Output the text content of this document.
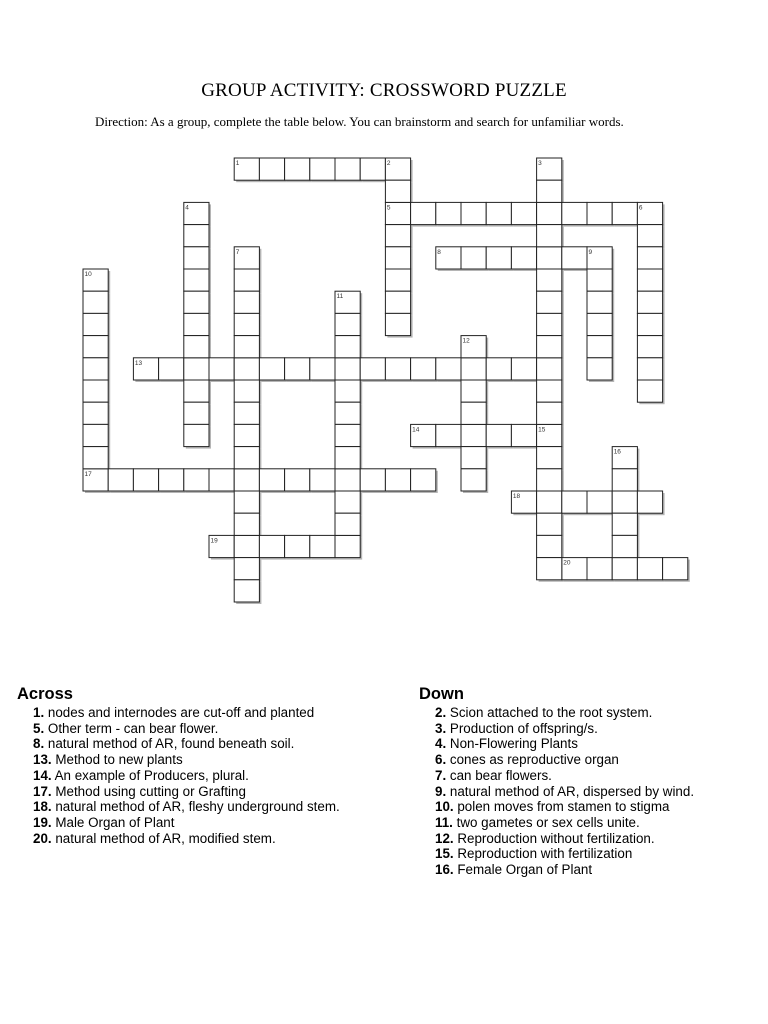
GROUP ACTIVITY: CROSSWORD PUZZLE
Direction: As a group, complete the table below. You can brainstorm and search for unfamiliar words.
1
5
8
13
14
17
18
19
20
2	3
4	6
7	9
10
11
12
15
16
Across
1. nodes and internodes are cut-off and planted
5. Other term - can bear flower.
8. natural method of AR, found beneath soil.
13. Method to new plants
14. An example of Producers, plural.
17. Method using cutting or Grafting
18. natural method of AR, fleshy underground stem.
19. Male Organ of Plant
20. natural method of AR, modified stem.
Down
2. Scion attached to the root system.
3. Production of offspring/s.
4. Non-Flowering Plants
6. cones as reproductive organ
7. can bear flowers.
9. natural method of AR, dispersed by wind.
10. polen moves from stamen to stigma
11. two gametes or sex cells unite.
12. Reproduction without fertilization.
15. Reproduction with fertilization
16. Female Organ of Plant
